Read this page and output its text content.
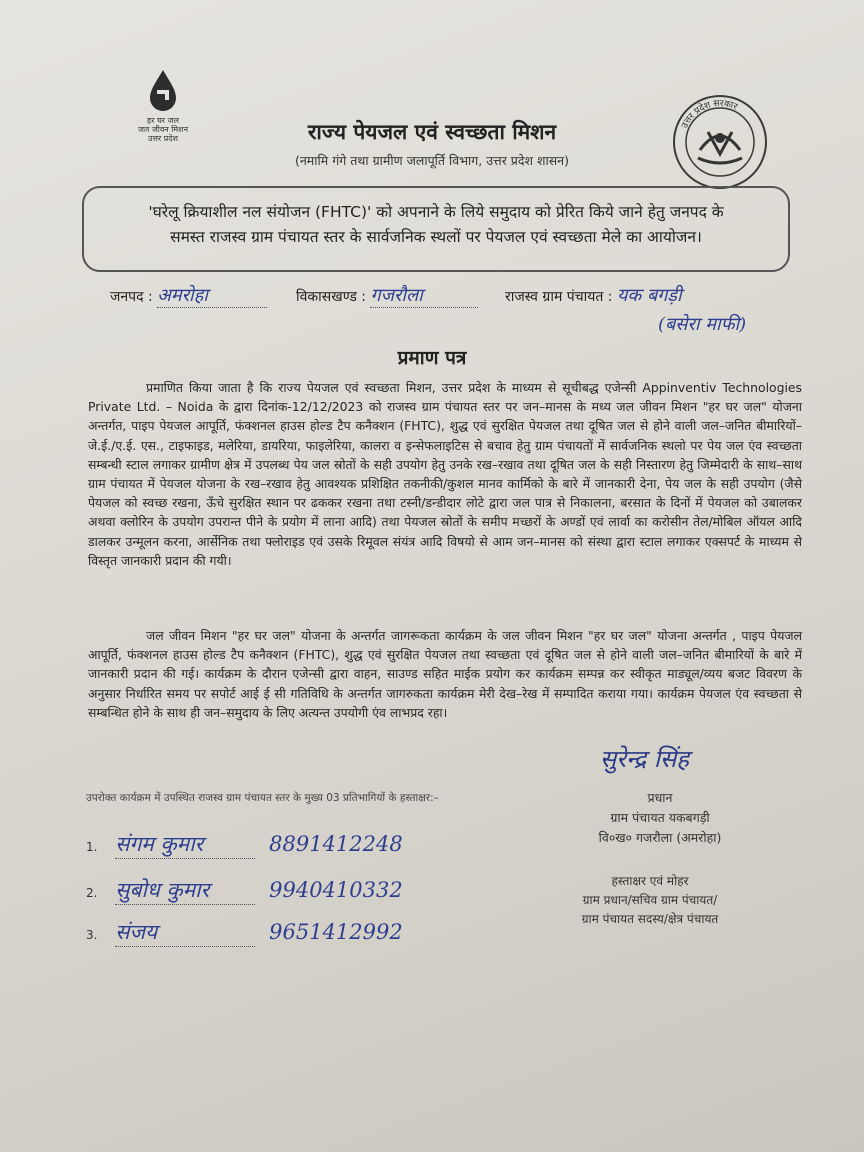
हर घर जल
जल जीवन मिशन
उत्तर प्रदेश
उत्तर प्रदेश सरकार
राज्य पेयजल एवं स्वच्छता मिशन
(नमामि गंगे तथा ग्रामीण जलापूर्ति विभाग, उत्तर प्रदेश शासन)
'घरेलू क्रियाशील नल संयोजन (FHTC)' को अपनाने के लिये समुदाय को प्रेरित किये जाने हेतु जनपद के
समस्त राजस्व ग्राम पंचायत स्तर के सार्वजनिक स्थलों पर पेयजल एवं स्वच्छता मेले का आयोजन।
जनपद : अमरोहा	विकासखण्ड : गजरौला	राजस्व ग्राम पंचायत : यक बगड़ी
(बसेरा माफी)
प्रमाण पत्र
प्रमाणित किया जाता है कि राज्य पेयजल एवं स्वच्छता मिशन, उत्तर प्रदेश के माध्यम से सूचीबद्ध एजेन्सी Appinventiv Technologies Private Ltd. – Noida के द्वारा दिनांक-12/12/2023 को राजस्व ग्राम पंचायत स्तर पर जन–मानस के मध्य जल जीवन मिशन "हर घर जल" योजना अन्तर्गत, पाइप पेयजल आपूर्ति, फंक्शनल हाउस होल्ड टैप कनैक्शन (FHTC), शुद्ध एवं सुरक्षित पेयजल तथा दूषित जल से होने वाली जल–जनित बीमारियों–जे.ई./ए.ई. एस., टाइफाइड, मलेरिया, डायरिया, फाइलेरिया, कालरा व इन्सेफलाइटिस से बचाव हेतु ग्राम पंचायतों में सार्वजनिक स्थलो पर पेय जल एंव स्वच्छता सम्बन्धी स्टाल लगाकर ग्रामीण क्षेत्र में उपलब्ध पेय जल स्रोतों के सही उपयोग हेतु उनके रख–रखाव तथा दूषित जल के सही निस्तारण हेतु जिम्मेदारी के साथ–साथ ग्राम पंचायत में पेयजल योजना के रख–रखाव हेतु आवश्यक प्रशिक्षित तकनीकी/कुशल मानव कार्मिको के बारे में जानकारी देना, पेय जल के सही उपयोग (जैसे पेयजल को स्वच्छ रखना, ऊँचे सुरक्षित स्थान पर ढककर रखना तथा टस्नी/डन्डीदार लोटे द्वारा जल पात्र से निकालना, बरसात के दिनों में पेयजल को उबालकर अथवा क्लोरिन के उपयोग उपरान्त पीने के प्रयोग में लाना आदि) तथा पेयजल स्रोतों के समीप मच्छरों के अण्डों एवं लार्वा का करोसीन तेल/मोबिल ऑयल आदि डालकर उन्मूलन करना, आर्सेनिक तथा फ्लोराइड एवं उसके रिमूवल संयंत्र आदि विषयो से आम जन–मानस को संस्था द्वारा स्टाल लगाकर एक्सपर्ट के माध्यम से विस्तृत जानकारी प्रदान की गयी।
जल जीवन मिशन "हर घर जल" योजना के अन्तर्गत जागरूकता कार्यक्रम के जल जीवन मिशन "हर घर जल" योजना अन्तर्गत , पाइप पेयजल आपूर्ति, फंक्शनल हाउस होल्ड टैप कनैक्शन (FHTC), शुद्ध एवं सुरक्षित पेयजल तथा स्वच्छता एवं दूषित जल से होने वाली जल–जनित बीमारियों के बारे में जानकारी प्रदान की गई। कार्यक्रम के दौरान एजेन्सी द्वारा वाहन, साउण्ड सहित माईक प्रयोग कर कार्यक्रम सम्पन्न कर स्वीकृत माड्यूल/व्यय बजट विवरण के अनुसार निर्धारित समय पर सपोर्ट आई ई सी गतिविधि के अन्तर्गत जागरुकता कार्यक्रम मेरी देख–रेख में सम्पादित कराया गया। कार्यक्रम पेयजल एंव स्वच्छता से सम्बन्धित होने के साथ ही जन–समुदाय के लिए अत्यन्त उपयोगी एंव लाभप्रद रहा।
सुरेन्द्र सिंह
प्रधान
ग्राम पंचायत यकबगड़ी
वि०ख० गजरौला (अमरोहा)
उपरोक्त कार्यक्रम में उपस्थित राजस्व ग्राम पंचायत स्तर के मुख्य 03 प्रतिभागियों के हस्ताक्षर:–
1. संगम कुमार	8891412248
2. सुबोध कुमार	9940410332
3. संजय	9651412992
हस्ताक्षर एवं मोहर
ग्राम प्रधान/सचिव ग्राम पंचायत/
ग्राम पंचायत सदस्य/क्षेत्र पंचायत
